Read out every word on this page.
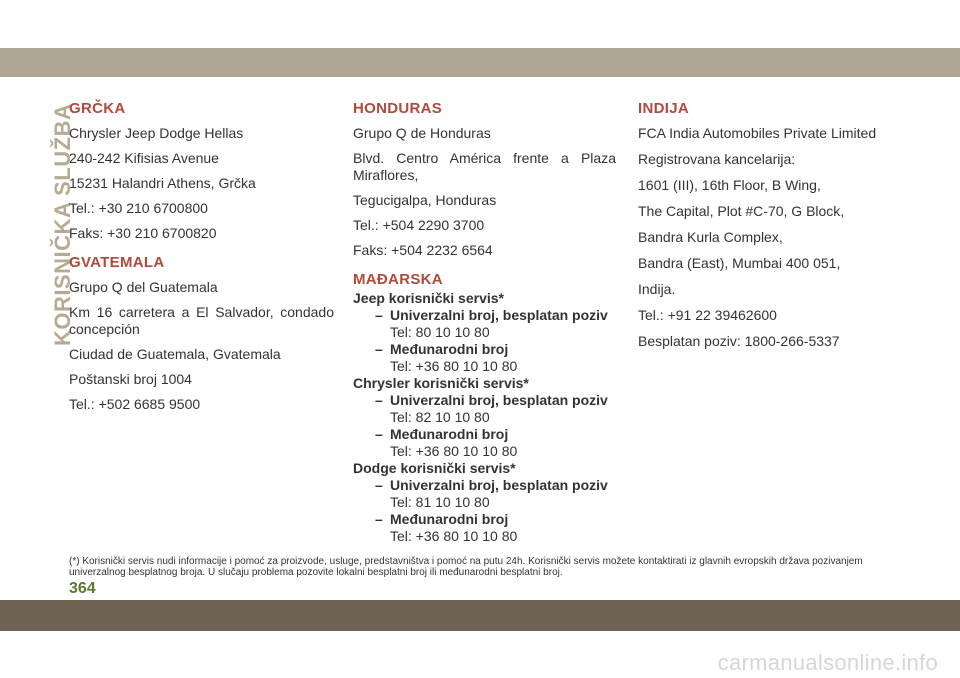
KORISNIČKA SLUŽBA
GRČKA
Chrysler Jeep Dodge Hellas
240-242 Kifisias Avenue
15231 Halandri Athens, Grčka
Tel.: +30 210 6700800
Faks: +30 210 6700820
GVATEMALA
Grupo Q del Guatemala
Km 16 carretera a El Salvador, condado concepción
Ciudad de Guatemala, Gvatemala
Poštanski broj 1004
Tel.: +502 6685 9500
HONDURAS
Grupo Q de Honduras
Blvd. Centro América frente a Plaza Miraflores,
Tegucigalpa, Honduras
Tel.: +504 2290 3700
Faks: +504 2232 6564
MAĐARSKA
Jeep korisnički servis*
– Univerzalni broj, besplatan poziv
Tel: 80 10 10 80
– Međunarodni broj
Tel: +36 80 10 10 80
Chrysler korisnički servis*
– Univerzalni broj, besplatan poziv
Tel: 82 10 10 80
– Međunarodni broj
Tel: +36 80 10 10 80
Dodge korisnički servis*
– Univerzalni broj, besplatan poziv
Tel: 81 10 10 80
– Međunarodni broj
Tel: +36 80 10 10 80
INDIJA
FCA India Automobiles Private Limited
Registrovana kancelarija:
1601 (III), 16th Floor, B Wing,
The Capital, Plot #C-70, G Block,
Bandra Kurla Complex,
Bandra (East), Mumbai 400 051,
Indija.
Tel.: +91 22 39462600
Besplatan poziv: 1800-266-5337
(*) Korisnički servis nudi informacije i pomoć za proizvode, usluge, predstavništva i pomoć na putu 24h. Korisnički servis možete kontaktirati iz glavnih evropskih država pozivanjem univerzalnog besplatnog broja. U slučaju problema pozovite lokalni besplatni broj ili međunarodni besplatni broj.
364
carmanualsonline.info
